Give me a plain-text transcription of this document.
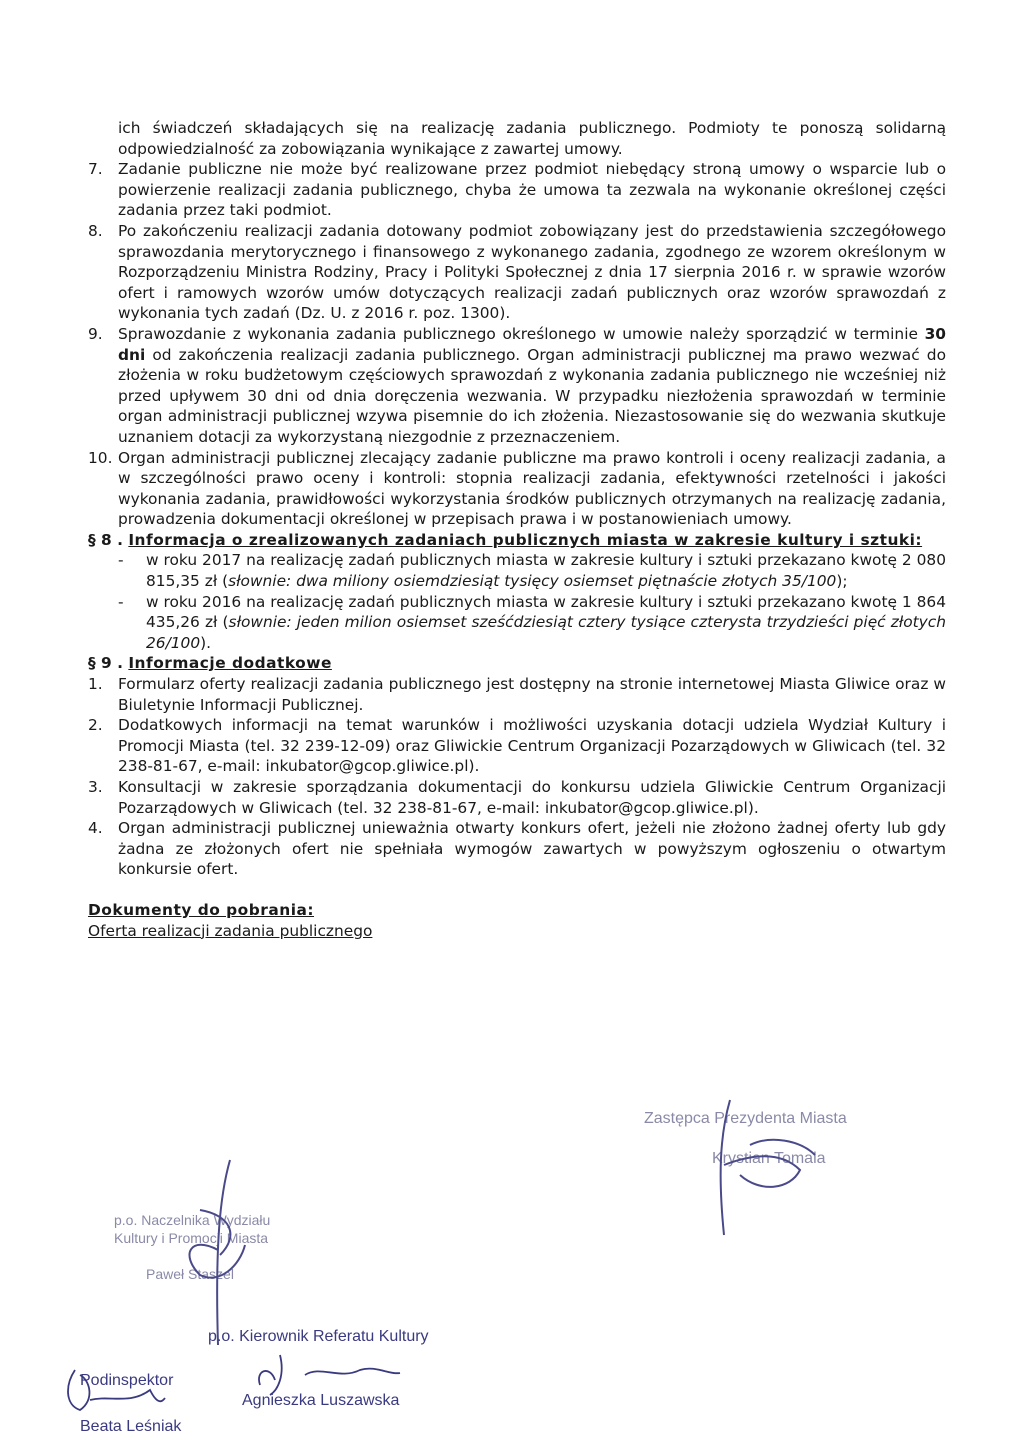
ich świadczeń składających się na realizację zadania publicznego. Podmioty te ponoszą solidarną odpowiedzialność za zobowiązania wynikające z zawartej umowy.

7. Zadanie publiczne nie może być realizowane przez podmiot niebędący stroną umowy o wsparcie lub o powierzenie realizacji zadania publicznego, chyba że umowa ta zezwala na wykonanie określonej części zadania przez taki podmiot.
8. Po zakończeniu realizacji zadania dotowany podmiot zobowiązany jest do przedstawienia szczegółowego sprawozdania merytorycznego i finansowego z wykonanego zadania, zgodnego ze wzorem określonym w Rozporządzeniu Ministra Rodziny, Pracy i Polityki Społecznej z dnia 17 sierpnia 2016 r. w sprawie wzorów ofert i ramowych wzorów umów dotyczących realizacji zadań publicznych oraz wzorów sprawozdań z wykonania tych zadań (Dz. U. z 2016 r. poz. 1300).
9. Sprawozdanie z wykonania zadania publicznego określonego w umowie należy sporządzić w terminie 30 dni od zakończenia realizacji zadania publicznego. Organ administracji publicznej ma prawo wezwać do złożenia w roku budżetowym częściowych sprawozdań z wykonania zadania publicznego nie wcześniej niż przed upływem 30 dni od dnia doręczenia wezwania. W przypadku niezłożenia sprawozdań w terminie organ administracji publicznej wzywa pisemnie do ich złożenia. Niezastosowanie się do wezwania skutkuje uznaniem dotacji za wykorzystaną niezgodnie z przeznaczeniem.
10. Organ administracji publicznej zlecający zadanie publiczne ma prawo kontroli i oceny realizacji zadania, a w szczególności prawo oceny i kontroli: stopnia realizacji zadania, efektywności rzetelności i jakości wykonania zadania, prawidłowości wykorzystania środków publicznych otrzymanych na realizację zadania, prowadzenia dokumentacji określonej w przepisach prawa i w postanowieniach umowy.

§ 8 . Informacja o zrealizowanych zadaniach publicznych miasta w zakresie kultury i sztuki:

- w roku 2017 na realizację zadań publicznych miasta w zakresie kultury i sztuki przekazano kwotę 2 080 815,35 zł (słownie: dwa miliony osiemdziesiąt tysięcy osiemset piętnaście złotych 35/100);
- w roku 2016 na realizację zadań publicznych miasta w zakresie kultury i sztuki przekazano kwotę 1 864 435,26 zł (słownie: jeden milion osiemset sześćdziesiąt cztery tysiące czterysta trzydzieści pięć złotych 26/100).

§ 9 . Informacje dodatkowe

1. Formularz oferty realizacji zadania publicznego jest dostępny na stronie internetowej Miasta Gliwice oraz w Biuletynie Informacji Publicznej.
2. Dodatkowych informacji na temat warunków i możliwości uzyskania dotacji udziela Wydział Kultury i Promocji Miasta (tel. 32 239-12-09) oraz Gliwickie Centrum Organizacji Pozarządowych w Gliwicach (tel. 32 238-81-67, e-mail: inkubator@gcop.gliwice.pl).
3. Konsultacji w zakresie sporządzania dokumentacji do konkursu udziela Gliwickie Centrum Organizacji Pozarządowych w Gliwicach (tel. 32 238-81-67, e-mail: inkubator@gcop.gliwice.pl).
4. Organ administracji publicznej unieważnia otwarty konkurs ofert, jeżeli nie złożono żadnej oferty lub gdy żadna ze złożonych ofert nie spełniała wymogów zawartych w powyższym ogłoszeniu o otwartym konkursie ofert.
Dokumenty do pobrania:
Oferta realizacji zadania publicznego
Zastępca Prezydenta Miasta
Krystian Tomala
p.o. Naczelnika Wydziału
Kultury i Promocji Miasta
Paweł Staszel
p.o. Kierownik Referatu Kultury
Agnieszka Luszawska
Podinspektor
Beata Leśniak
